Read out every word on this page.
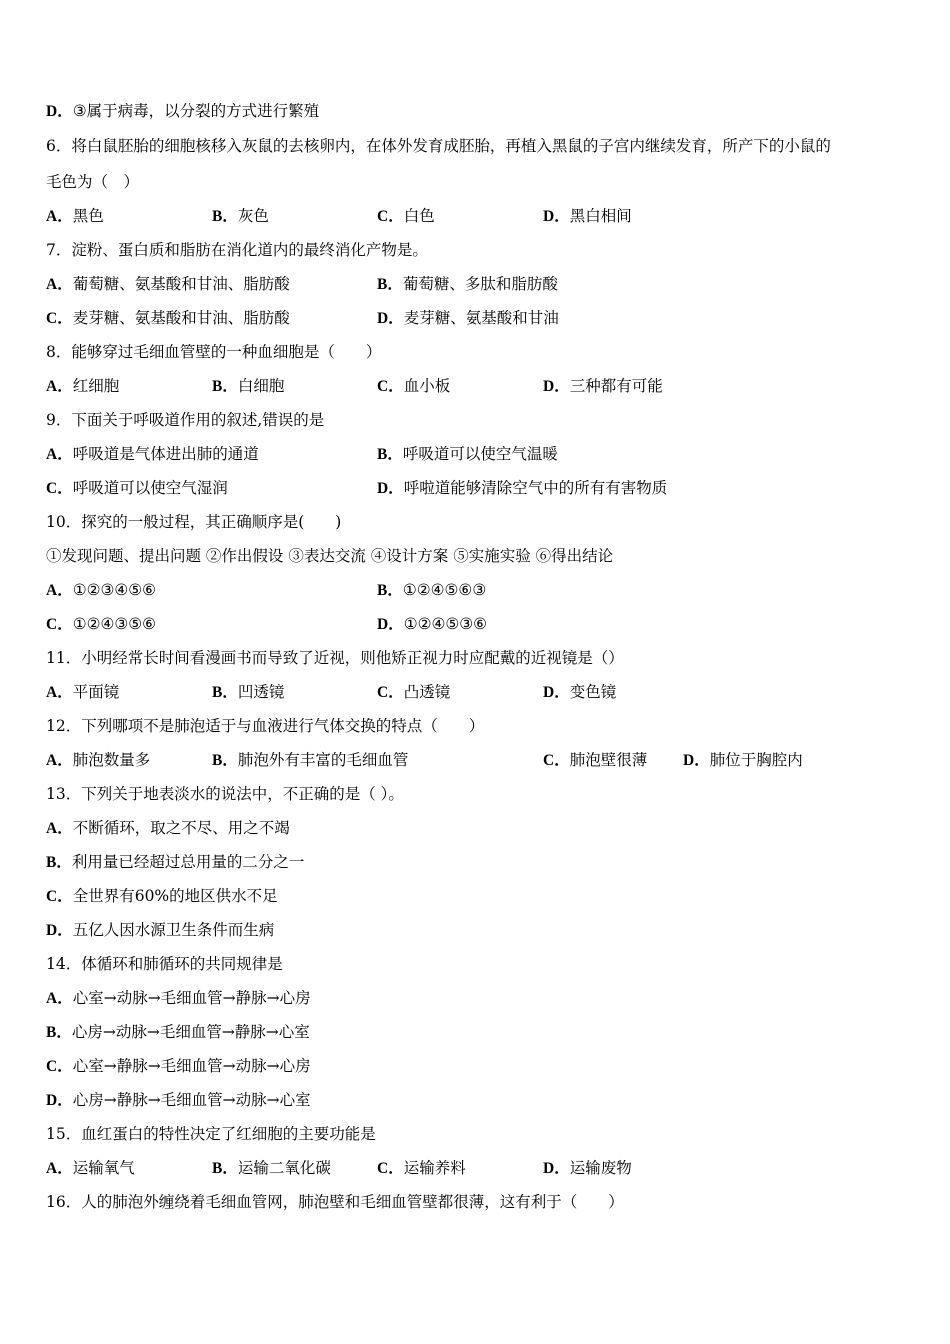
D．③属于病毒，以分裂的方式进行繁殖
6．将白鼠胚胎的细胞核移入灰鼠的去核卵内，在体外发育成胚胎，再植入黑鼠的子宫内继续发育，所产下的小鼠的
毛色为（　）
A．黑色	B．灰色	C．白色	D．黑白相间
7．淀粉、蛋白质和脂肪在消化道内的最终消化产物是。
A．葡萄糖、氨基酸和甘油、脂肪酸	B．葡萄糖、多肽和脂肪酸
C．麦芽糖、氨基酸和甘油、脂肪酸	D．麦芽糖、氨基酸和甘油
8．能够穿过毛细血管壁的一种血细胞是（　　）
A．红细胞	B．白细胞	C．血小板	D．三种都有可能
9．下面关于呼吸道作用的叙述,错误的是
A．呼吸道是气体进出肺的通道	B．呼吸道可以使空气温暖
C．呼吸道可以使空气湿润	D．呼啦道能够清除空气中的所有有害物质
10．探究的一般过程，其正确顺序是(　　)
①发现问题、提出问题 ②作出假设 ③表达交流 ④设计方案 ⑤实施实验 ⑥得出结论
A．①②③④⑤⑥	B．①②④⑤⑥③
C．①②④③⑤⑥	D．①②④⑤③⑥
11．小明经常长时间看漫画书而导致了近视，则他矫正视力时应配戴的近视镜是（）
A．平面镜	B．凹透镜	C．凸透镜	D．变色镜
12．下列哪项不是肺泡适于与血液进行气体交换的特点（　　）
A．肺泡数量多	B．肺泡外有丰富的毛细血管	C．肺泡壁很薄 D．肺位于胸腔内
13．下列关于地表淡水的说法中，不正确的是（ ）。
A．不断循环，取之不尽、用之不竭
B．利用量已经超过总用量的二分之一
C．全世界有60%的地区供水不足
D．五亿人因水源卫生条件而生病
14．体循环和肺循环的共同规律是
A．心室→动脉→毛细血管→静脉→心房
B．心房→动脉→毛细血管→静脉→心室
C．心室→静脉→毛细血管→动脉→心房
D．心房→静脉→毛细血管→动脉→心室
15．血红蛋白的特性决定了红细胞的主要功能是
A．运输氧气	B．运输二氧化碳	C．运输养料	D．运输废物
16．人的肺泡外缠绕着毛细血管网，肺泡壁和毛细血管壁都很薄，这有利于（　　）
